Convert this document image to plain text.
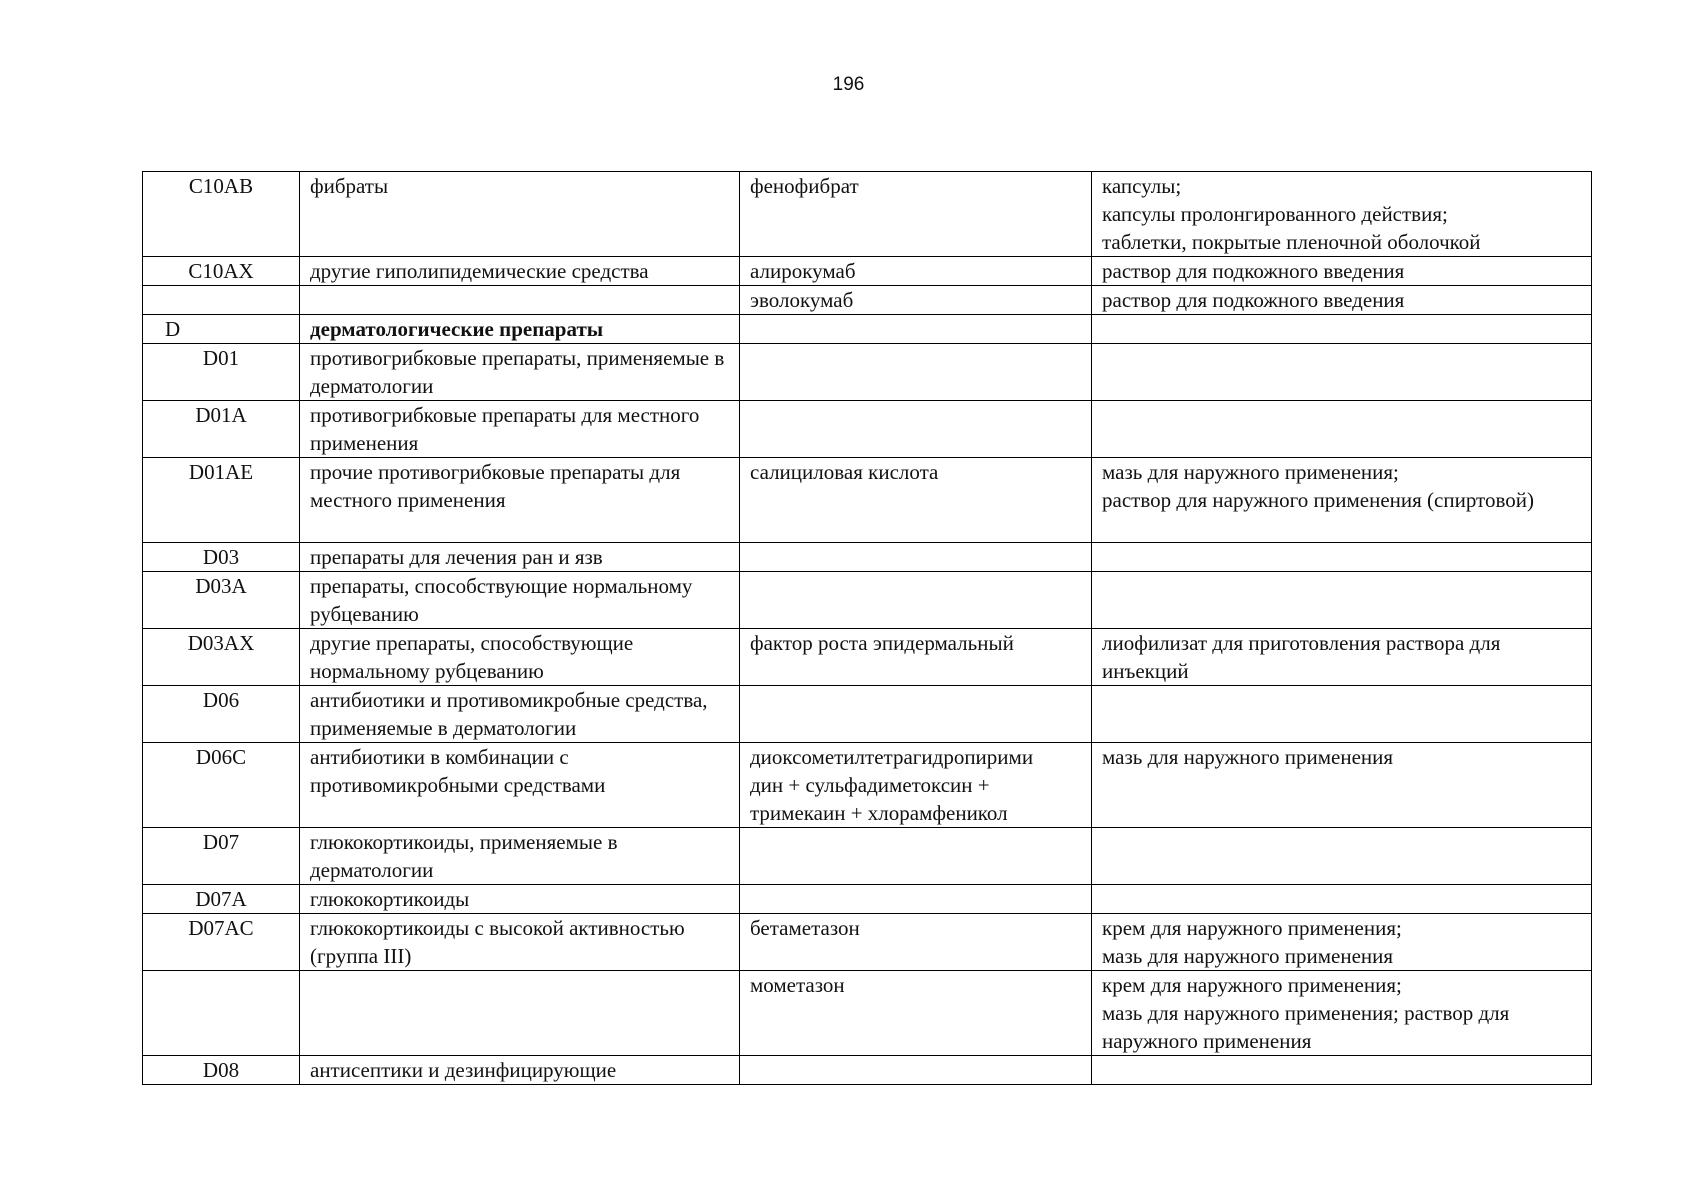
196
C10AB	фибраты	фенофибрат	капсулы;
капсулы пролонгированного действия;
таблетки, покрытые пленочной оболочкой
C10AX	другие гиполипидемические средства	алирокумаб	раствор для подкожного введения
		эволокумаб	раствор для подкожного введения
D	дерматологические препараты		
D01	противогрибковые препараты, применяемые в дерматологии		
D01A	противогрибковые препараты для местного применения		
D01AE	прочие противогрибковые препараты для местного применения	салициловая кислота	мазь для наружного применения;
раствор для наружного применения (спиртовой)
D03	препараты для лечения ран и язв		
D03A	препараты, способствующие нормальному рубцеванию		
D03AX	другие препараты, способствующие нормальному рубцеванию	фактор роста эпидермальный	лиофилизат для приготовления раствора для инъекций
D06	антибиотики и противомикробные средства, применяемые в дерматологии		
D06C	антибиотики в комбинации с противомикробными средствами	диоксометилтетрагидропирими
дин + сульфадиметоксин +
тримекаин + хлорамфеникол	мазь для наружного применения
D07	глюкокортикоиды, применяемые в дерматологии		
D07A	глюкокортикоиды		
D07AC	глюкокортикоиды с высокой активностью (группа III)	бетаметазон	крем для наружного применения;
мазь для наружного применения
		мометазон	крем для наружного применения;
мазь для наружного применения; раствор для наружного применения
D08	антисептики и дезинфицирующие		
